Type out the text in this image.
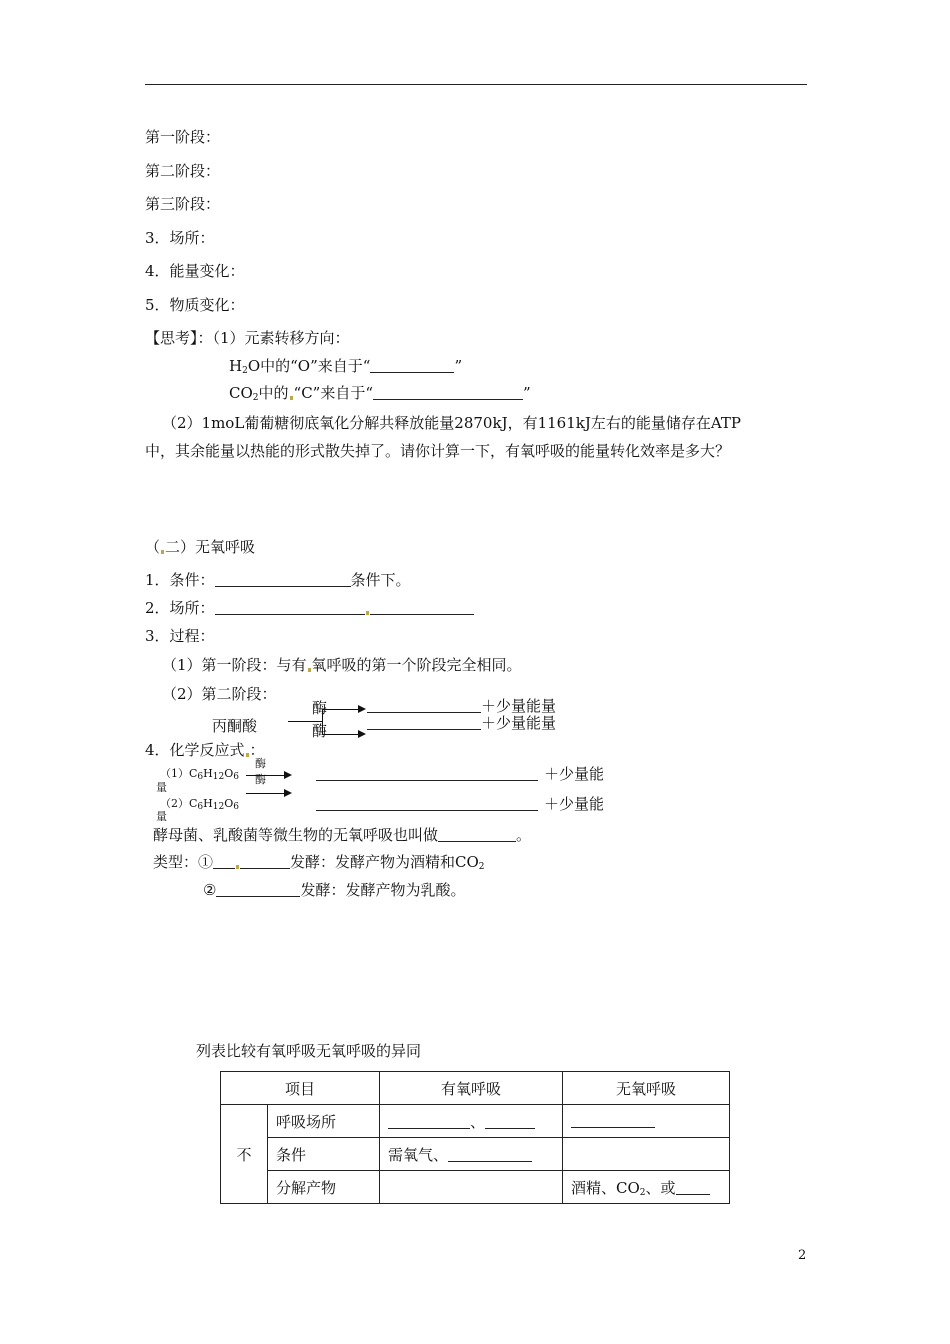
第一阶段：
第二阶段：
第三阶段：
3．场所：
4．能量变化：
5．物质变化：
【思考】：（1）元素转移方向：
$H_2O$中的“O”来自于“	”
$CO_2$中的 “C”来自于“	”
（2）1moL葡葡糖彻底氧化分解共释放能量2870kJ，有1161kJ左右的能量储存在ATP
中，其余能量以热能的形式散失掉了。请你计算一下，有氧呼吸的能量转化效率是多大？
（ 二）无氧呼吸
1．条件：	条件下。
2．场所：
3．过程：
（1）第一阶段：与有 氧呼吸的第一个阶段完全相同。
（2）第二阶段：
丙酮酸
酶
酶
＋少量能量
＋少量能量
4．化学反应式 ：
酶
酶
$(1)C_6H_{12}O_6$	＋少量能
量
$(2)C_6H_{12}O_6$	＋少量能
量
酵母菌、乳酸菌等微生物的无氧呼吸也叫做	。
类型：①	发酵：发酵产物为酒精和$CO_2$
②	发酵：发酵产物为乳酸。
列表比较有氧呼吸无氧呼吸的异同
项目		有氧呼吸	无氧呼吸
不	呼吸场所	、	
	条件	需氧气、	
	分解产物		酒精、$CO_2$、或
2
